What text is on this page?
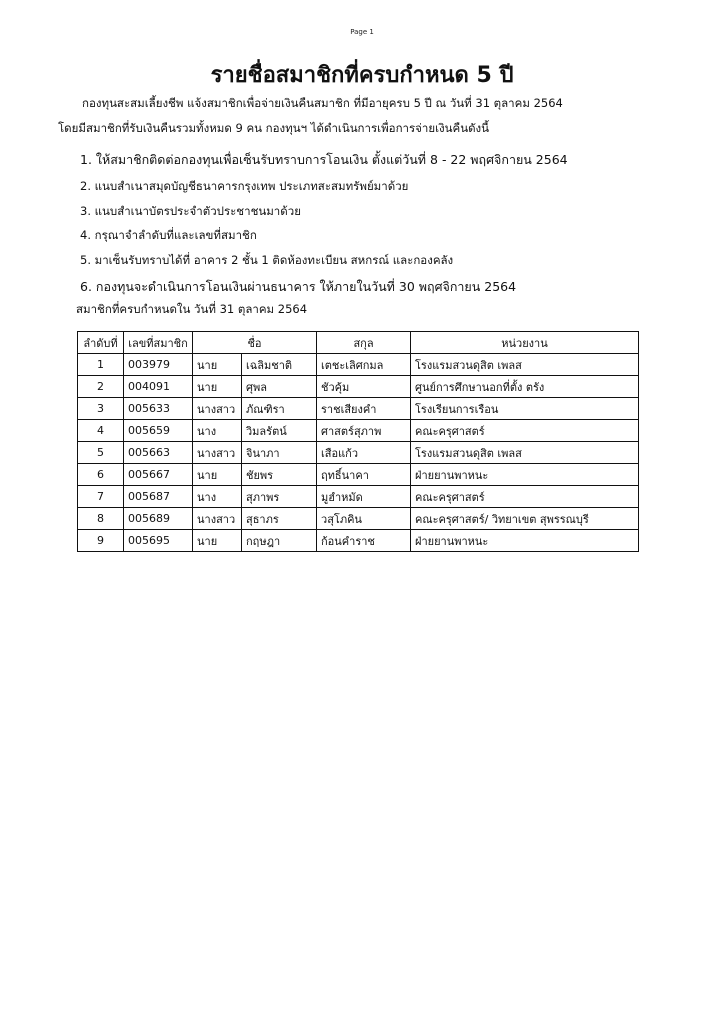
Page 1
รายชื่อสมาชิกที่ครบกำหนด 5 ปี
กองทุนสะสมเลี้ยงชีพ แจ้งสมาชิกเพื่อจ่ายเงินคืนสมาชิก ที่มีอายุครบ 5 ปี ณ วันที่ 31 ตุลาคม 2564
โดยมีสมาชิกที่รับเงินคืนรวมทั้งหมด 9 คน กองทุนฯ ได้ดำเนินการเพื่อการจ่ายเงินคืนดังนี้
1. ให้สมาชิกติดต่อกองทุนเพื่อเซ็นรับทราบการโอนเงิน ตั้งแต่วันที่ 8 - 22 พฤศจิกายน 2564
2. แนบสำเนาสมุดบัญชีธนาคารกรุงเทพ ประเภทสะสมทรัพย์มาด้วย
3. แนบสำเนาบัตรประจำตัวประชาชนมาด้วย
4. กรุณาจำลำดับที่และเลขที่สมาชิก
5. มาเซ็นรับทราบได้ที่ อาคาร 2 ชั้น 1 ติดห้องทะเบียน สหกรณ์ และกองคลัง
6. กองทุนจะดำเนินการโอนเงินผ่านธนาคาร ให้ภายในวันที่ 30 พฤศจิกายน 2564
สมาชิกที่ครบกำหนดใน วันที่ 31 ตุลาคม 2564
ลำดับที่	เลขที่สมาชิก	ชื่อ		สกุล	หน่วยงาน
1	003979	นาย	เฉลิมชาติ	เตชะเลิศกมล	โรงแรมสวนดุสิต เพลส
2	004091	นาย	ศุพล	ชัวคุ้ม	ศูนย์การศึกษานอกที่ตั้ง ตรัง
3	005633	นางสาว	ภัณฑิรา	ราชเสียงคำ	โรงเรียนการเรือน
4	005659	นาง	วิมลรัตน์	ศาสตร์สุภาพ	คณะครุศาสตร์
5	005663	นางสาว	จินาภา	เสือแก้ว	โรงแรมสวนดุสิต เพลส
6	005667	นาย	ชัยพร	ฤทธิ์นาคา	ฝ่ายยานพาหนะ
7	005687	นาง	สุภาพร	มูฮำหมัด	คณะครุศาสตร์
8	005689	นางสาว	สุธาภร	วสุโภคิน	คณะครุศาสตร์/ วิทยาเขต สุพรรณบุรี
9	005695	นาย	กฤษฎา	ก้อนคำราช	ฝ่ายยานพาหนะ
